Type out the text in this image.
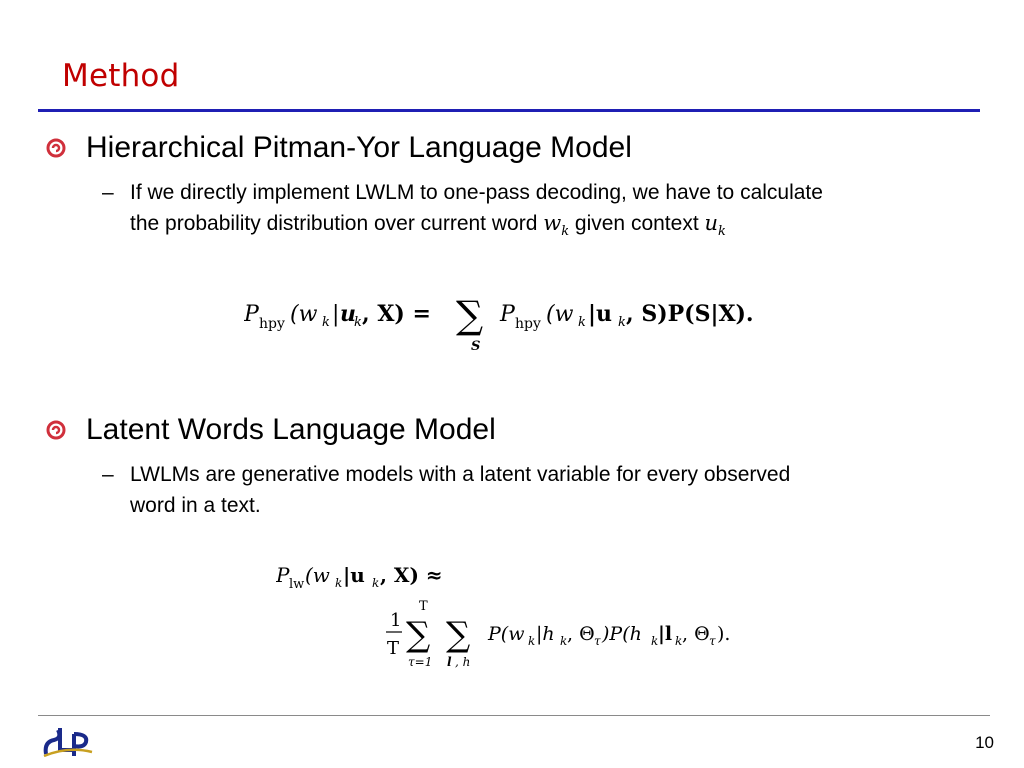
Method
Hierarchical Pitman-Yor Language Model
– If we directly implement LWLM to one-pass decoding, we have to calculate
the probability distribution over current word $w_k$ given context $u_k$
P hpy (w k | u
k , X) = ∑
S
P hpy (w k |u k , S)P(S|X).
Latent Words Language Model
– LWLMs are generative models with a latent variable for every observed
word in a text.
P lw (w k |u k , X) ≈
1
T
T
∑
τ=1
∑
l , h
P(w k |h k , Θ τ )P(h k |l k , Θ τ ).
10
